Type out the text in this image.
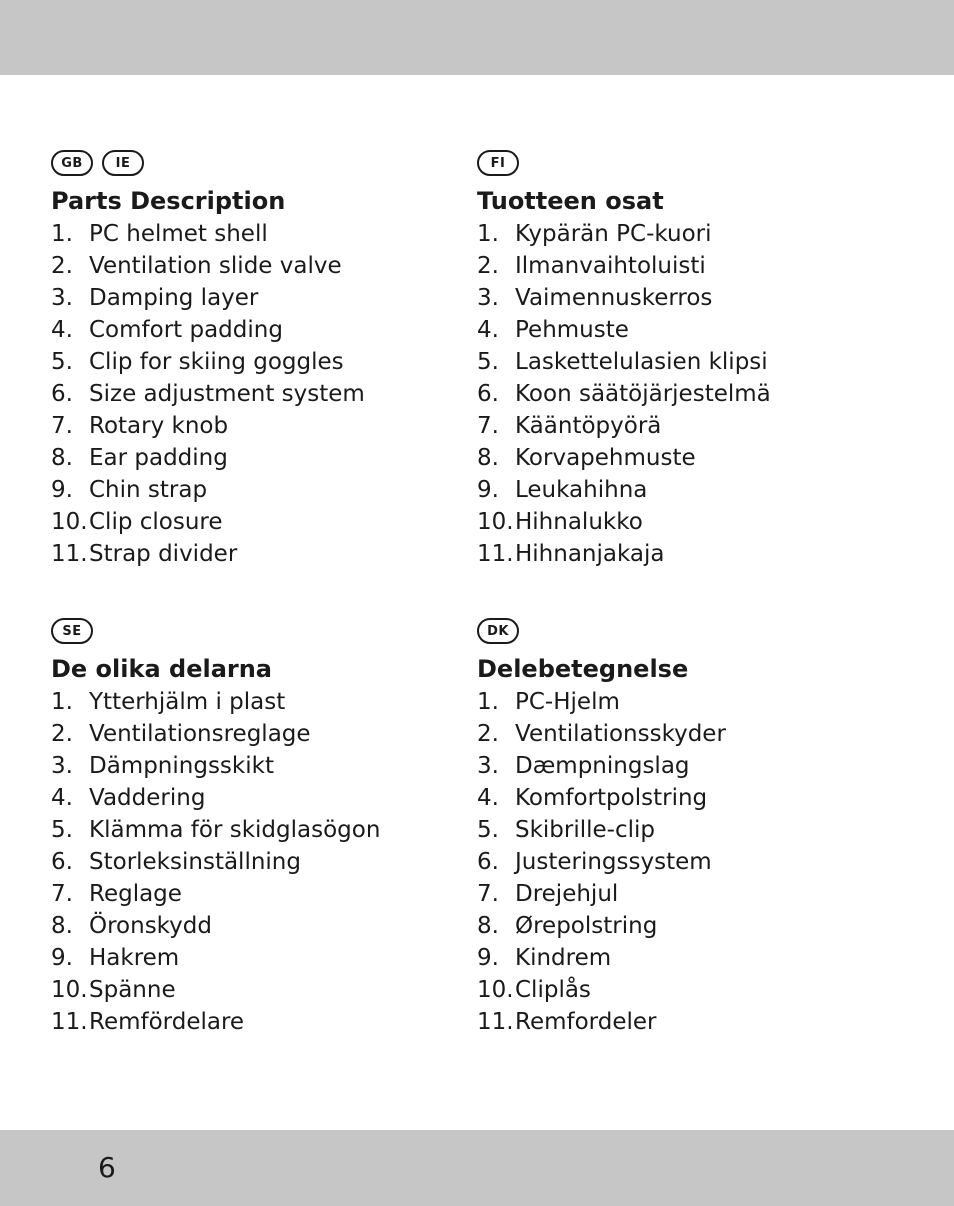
GB	IE
Parts Description
1. PC helmet shell
2. Ventilation slide valve
3. Damping layer
4. Comfort padding
5. Clip for skiing goggles
6. Size adjustment system
7. Rotary knob
8. Ear padding
9. Chin strap
10. Clip closure
11. Strap divider
FI
Tuotteen osat
1. Kypärän PC-kuori
2. Ilmanvaihtoluisti
3. Vaimennuskerros
4. Pehmuste
5. Laskettelulasien klipsi
6. Koon säätöjärjestelmä
7. Kääntöpyörä
8. Korvapehmuste
9. Leukahihna
10. Hihnalukko
11. Hihnanjakaja
SE
De olika delarna
1. Ytterhjälm i plast
2. Ventilationsreglage
3. Dämpningsskikt
4. Vaddering
5. Klämma för skidglasögon
6. Storleksinställning
7. Reglage
8. Öronskydd
9. Hakrem
10. Spänne
11. Remfördelare
DK
Delebetegnelse
1. PC-Hjelm
2. Ventilationsskyder
3. Dæmpningslag
4. Komfortpolstring
5. Skibrille-clip
6. Justeringssystem
7. Drejehjul
8. Ørepolstring
9. Kindrem
10. Cliplås
11. Remfordeler
6
